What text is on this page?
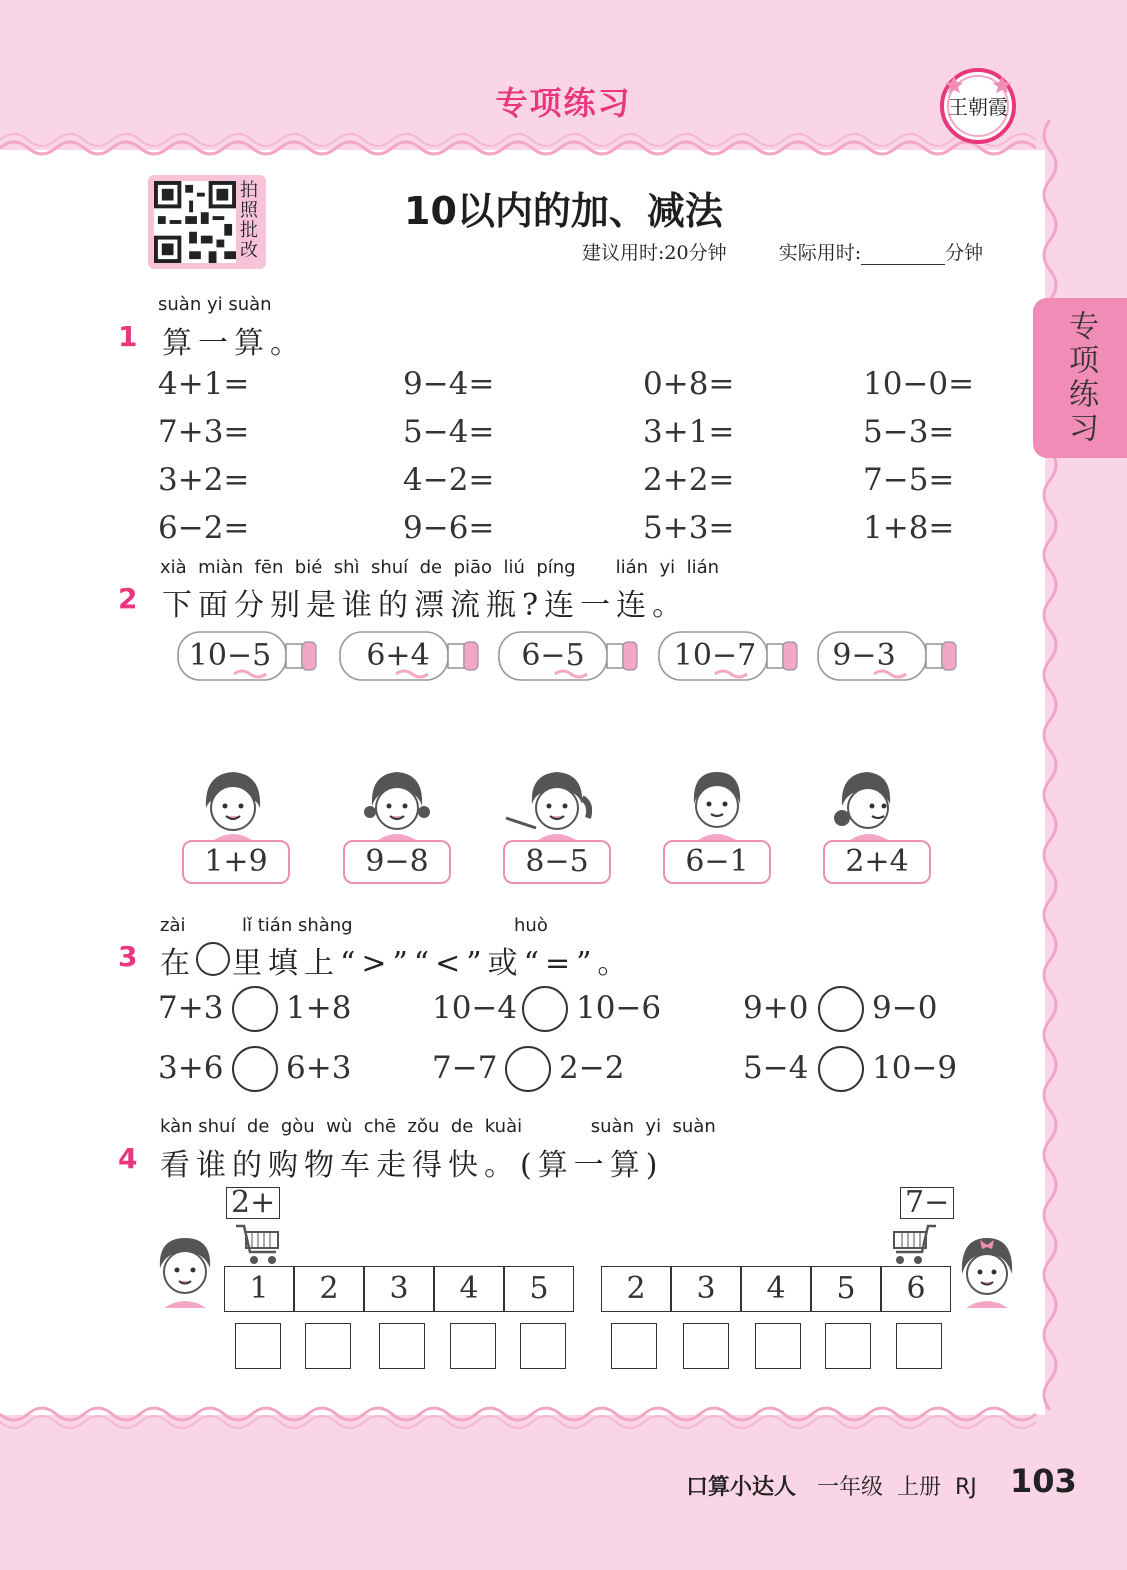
专项练习	王朝霞
专项练习
拍照批改
10以内的加、减法
建议用时:20分钟	实际用时:	分钟
suàn yi suàn
1 算一算。
4+1=	9−4=	0+8=	10−0=
7+3=	5−4=	3+1=	5−3=
3+2=	4−2=	2+2=	7−5=
6−2=	9−6=	5+3=	1+8=
xià  miàn  fēn  bié  shì  shuí  de  piāo  liú  píng       lián  yi  lián
2 下面分别是谁的漂流瓶?连一连。
10−5	6+4	6−5	10−7	9−3
1+9	9−8	8−5	6−1	2+4
zài	lǐ tián shàng	huò
3 在 里填上“>”“<”或“=”。
7+3 1+8	10−4 10−6	9+0 9−0
3+6 6+3	7−7 2−2	5−4 10−9
kàn shuí  de  gòu  wù  chē  zǒu  de  kuài            suàn  yi  suàn
4 看谁的购物车走得快。(算一算)
2+	7−
1	2	3	4	5	2	3	4	5	6
口算小达人 一年级  上册  RJ 103
